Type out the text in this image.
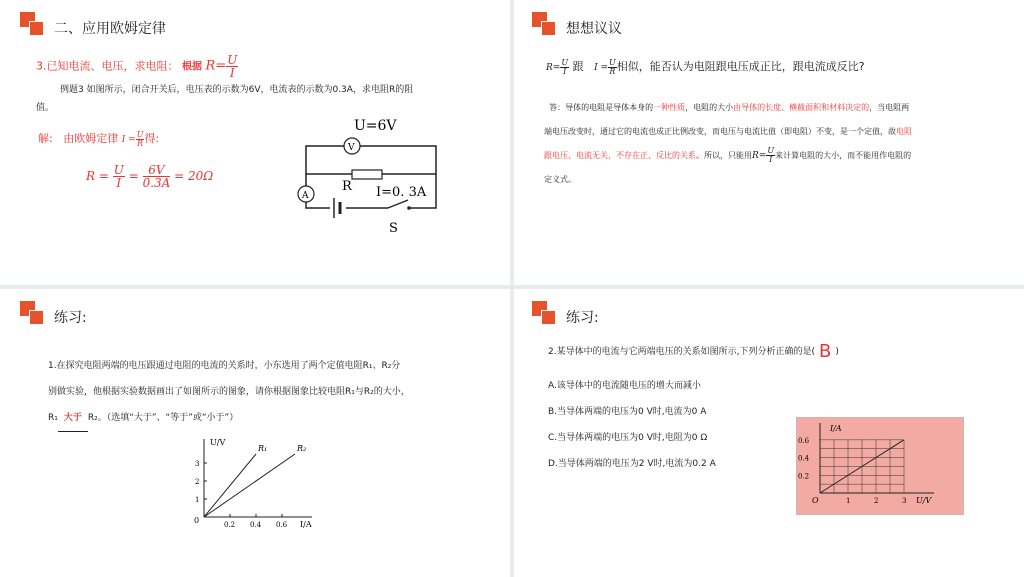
二、应用欧姆定律
3.已知电流、电压，求电阻： 根据 $R= \frac{U}{I}$
例题3 如图所示，闭合开关后，电压表的示数为6V，电流表的示数为0.3A，求电阻R的阻
值。
解: 由欧姆定律 $I = \frac{U}{R}$ 得:
$R = \frac{U}{I} = \frac{6V}{0.3A} = 20\Omega$
U=6V
V
R
A	I=0. 3A
S
想想议议
$R= \frac{U}{I}$ 跟 $I = \frac{U}{R}$ 相似，能否认为电阻跟电压成正比，跟电流成反比?
答：导体的电阻是导体本身的一种性质，电阻的大小由导体的长度、横截面积和材料决定的，当电阻两
端电压改变时，通过它的电流也成正比例改变，而电压与电流比值（即电阻）不变，是一个定值，故电阻
跟电压、电流无关，不存在正、反比的关系。所以，只能用$R= \frac{U}{I}$ 来计算电阻的大小，而不能用作电阻的
定义式。
练习:
1.在探究电阻两端的电压跟通过电阻的电流的关系时，小东选用了两个定值电阻R₁、R₂分
别做实验，他根据实验数据画出了如图所示的图象，请你根据图象比较电阻R₁与R₂的大小，
R₁ 大于 R₂。（选填“大于”、“等于”或“小于”）
U/V
I/A
0	0.2 0.4 0.6
1
2
3
R₁	R₂
练习:
2.某导体中的电流与它两端电压的关系如图所示,下列分析正确的是( B )
A.该导体中的电流随电压的增大而减小
B.当导体两端的电压为0 V时,电流为0 A
C.当导体两端的电压为0 V时,电阻为0 Ω
D.当导体两端的电压为2 V时,电流为0.2 A
I/A
U/V
O	1	2	3
0.2
0.4
0.6
